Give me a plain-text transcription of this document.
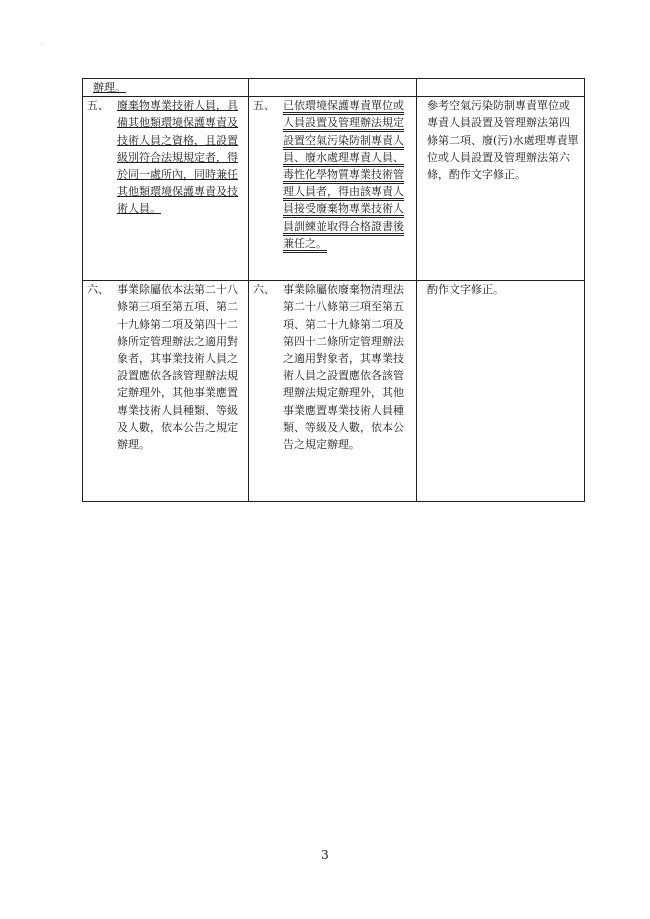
·
辦理。		

五、 廢棄物專業技術人員，具備其他類環境保護專責及技術人員之資格，且設置級別符合法規規定者，得於同一處所內，同時兼任其他類環境保護專責及技術人員。	五、 已依環境保護專責單位或人員設置及管理辦法規定設置空氣污染防制專責人員、廢水處理專責人員、毒性化學物質專業技術管理人員者，得由該專責人員接受廢棄物專業技術人員訓練並取得合格證書後兼任之。	參考空氣污染防制專責單位或專責人員設置及管理辦法第四條第二項、廢(污)水處理專責單位或人員設置及管理辦法第六條，酌作文字修正。

六、 事業除屬依本法第二十八條第三項至第五項、第二十九條第二項及第四十二條所定管理辦法之適用對象者，其事業技術人員之設置應依各該管理辦法規定辦理外，其他事業應置專業技術人員種類、等級及人數，依本公告之規定辦理。	六、 事業除屬依廢棄物清理法第二十八條第三項至第五項、第二十九條第二項及第四十二條所定管理辦法之適用對象者，其專業技術人員之設置應依各該管理辦法規定辦理外，其他事業應置專業技術人員種類、等級及人數，依本公告之規定辦理。	酌作文字修正。
3
